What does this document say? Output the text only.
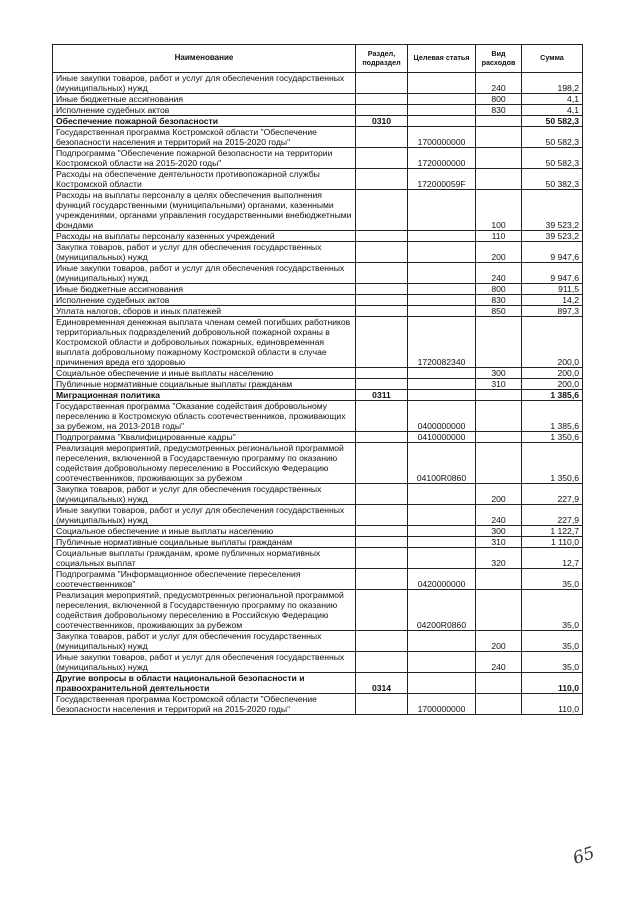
Наименование	Раздел, подраздел	Целевая статья	Вид расходов	Сумма
Иные закупки товаров, работ и услуг для обеспечения государственных (муниципальных) нужд			240	198,2
Иные бюджетные ассигнования			800	4,1
Исполнение судебных актов			830	4,1
Обеспечение пожарной безопасности	0310			50 582,3
Государственная программа Костромской области "Обеспечение безопасности населения и территорий на 2015-2020 годы"		1700000000		50 582,3
Подпрограмма "Обеспечение пожарной безопасности на территории Костромской области на 2015-2020 годы"		1720000000		50 582,3
Расходы на обеспечение деятельности противопожарной службы Костромской области		172000059F		50 382,3
Расходы на выплаты персоналу в целях обеспечения выполнения функций государственными (муниципальными) органами, казенными учреждениями, органами управления государственными внебюджетными фондами			100	39 523,2
Расходы на выплаты персоналу казенных учреждений			110	39 523,2
Закупка товаров, работ и услуг для обеспечения государственных (муниципальных) нужд			200	9 947,6
Иные закупки товаров, работ и услуг для обеспечения государственных (муниципальных) нужд			240	9 947,6
Иные бюджетные ассигнования			800	911,5
Исполнение судебных актов			830	14,2
Уплата налогов, сборов и иных платежей			850	897,3
Единовременная денежная выплата членам семей погибших работников территориальных подразделений добровольной пожарной охраны в Костромской области и добровольных пожарных, единовременная выплата добровольному пожарному Костромской области в случае причинения вреда его здоровью		1720082340		200,0
Социальное обеспечение и иные выплаты населению			300	200,0
Публичные нормативные социальные выплаты гражданам			310	200,0
Миграционная политика	0311			1 385,6
Государственная программа "Оказание содействия добровольному переселению в Костромскую область соотечественников, проживающих за рубежом, на 2013-2018 годы"		0400000000		1 385,6
Подпрограмма "Квалифицированные кадры"		0410000000		1 350,6
Реализация мероприятий, предусмотренных региональной программой переселения, включенной в Государственную программу по оказанию содействия добровольному переселению в Российскую Федерацию соотечественников, проживающих за рубежом		04100R0860		1 350,6
Закупка товаров, работ и услуг для обеспечения государственных (муниципальных) нужд			200	227,9
Иные закупки товаров, работ и услуг для обеспечения государственных (муниципальных) нужд			240	227,9
Социальное обеспечение и иные выплаты населению			300	1 122,7
Публичные нормативные социальные выплаты гражданам			310	1 110,0
Социальные выплаты гражданам, кроме публичных нормативных социальных выплат			320	12,7
Подпрограмма "Информационное обеспечение переселения соотечественников"		0420000000		35,0
Реализация мероприятий, предусмотренных региональной программой переселения, включенной в Государственную программу по оказанию содействия добровольному переселению в Российскую Федерацию соотечественников, проживающих за рубежом		04200R0860		35,0
Закупка товаров, работ и услуг для обеспечения государственных (муниципальных) нужд			200	35,0
Иные закупки товаров, работ и услуг для обеспечения государственных (муниципальных) нужд			240	35,0
Другие вопросы в области национальной безопасности и правоохранительной деятельности	0314			110,0
Государственная программа Костромской области "Обеспечение безопасности населения и территорий на 2015-2020 годы"		1700000000		110,0
65
